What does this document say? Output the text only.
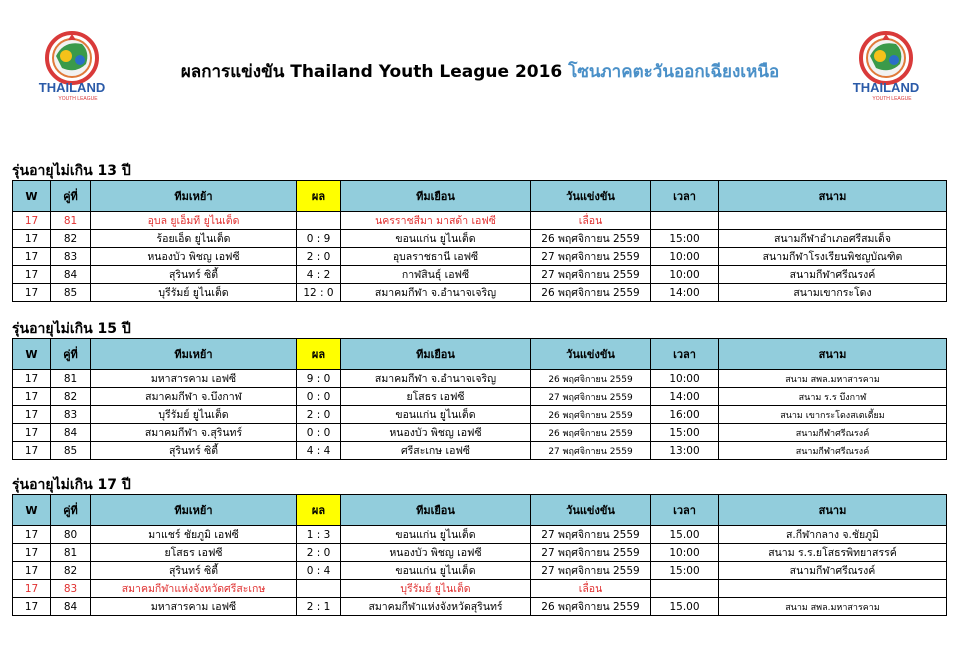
THAILAND
YOUTH LEAGUE
THAILAND
YOUTH LEAGUE
ผลการแข่งขัน Thailand Youth League 2016 โซนภาคตะวันออกเฉียงเหนือ
รุ่นอายุไม่เกิน 13 ปี
W	คู่ที่	ทีมเหย้า	ผล	ทีมเยือน	วันแข่งขัน	เวลา	สนาม
17	81	อุบล ยูเอ็มที ยูไนเต็ด		นครราชสีมา มาสด้า เอฟซี	เลื่อน		
17	82	ร้อยเอ็ด ยูไนเต็ด	0 : 9	ขอนแก่น ยูไนเต็ด	26 พฤศจิกายน 2559	15:00	สนามกีฬาอำเภอศรีสมเด็จ
17	83	หนองบัว พิชญ เอฟซี	2 : 0	อุบลราชธานี เอฟซี	27 พฤศจิกายน 2559	10:00	สนามกีฬาโรงเรียนพิชญบัณฑิต
17	84	สุรินทร์ ซิตี้	4 : 2	กาฬสินธุ์ เอฟซี	27 พฤศจิกายน 2559	10:00	สนามกีฬาศรีณรงค์
17	85	บุรีรัมย์ ยูไนเต็ด	12 : 0	สมาคมกีฬา จ.อำนาจเจริญ	26 พฤศจิกายน 2559	14:00	สนามเขากระโดง
รุ่นอายุไม่เกิน 15 ปี
W	คู่ที่	ทีมเหย้า	ผล	ทีมเยือน	วันแข่งขัน	เวลา	สนาม
17	81	มหาสารคาม เอฟซี	9 : 0	สมาคมกีฬา จ.อำนาจเจริญ	26 พฤศจิกายน 2559	10:00	สนาม สพล.มหาสารคาม
17	82	สมาคมกีฬา จ.บึงกาฬ	0 : 0	ยโสธร เอฟซี	27 พฤศจิกายน 2559	14:00	สนาม ร.ร บึงกาฬ
17	83	บุรีรัมย์ ยูไนเต็ด	2 : 0	ขอนแก่น ยูไนเต็ด	26 พฤศจิกายน 2559	16:00	สนาม เขากระโดงสเตเดี้ยม
17	84	สมาคมกีฬา จ.สุรินทร์	0 : 0	หนองบัว พิชญ เอฟซี	26 พฤศจิกายน 2559	15:00	สนามกีฬาศรีณรงค์
17	85	สุรินทร์ ซิตี้	4 : 4	ศรีสะเกษ เอฟซี	27 พฤศจิกายน 2559	13:00	สนามกีฬาศรีณรงค์
รุ่นอายุไม่เกิน 17 ปี
W	คู่ที่	ทีมเหย้า	ผล	ทีมเยือน	วันแข่งขัน	เวลา	สนาม
17	80	มาแชร์ ชัยภูมิ เอฟซี	1 : 3	ขอนแก่น ยูไนเต็ด	27 พฤศจิกายน 2559	15.00	ส.กีฬากลาง จ.ชัยภูมิ
17	81	ยโสธร เอฟซี	2 : 0	หนองบัว พิชญ เอฟซี	27 พฤศจิกายน 2559	10:00	สนาม ร.ร.ยโสธรพิทยาสรรค์
17	82	สุรินทร์ ซิตี้	0 : 4	ขอนแก่น ยูไนเต็ด	27 พฤศจิกายน 2559	15:00	สนามกีฬาศรีณรงค์
17	83	สมาคมกีฬาแห่งจังหวัดศรีสะเกษ		บุรีรัมย์ ยูไนเต็ด	เลื่อน		
17	84	มหาสารคาม เอฟซี	2 : 1	สมาคมกีฬาแห่งจังหวัดสุรินทร์	26 พฤศจิกายน 2559	15.00	สนาม สพล.มหาสารคาม
